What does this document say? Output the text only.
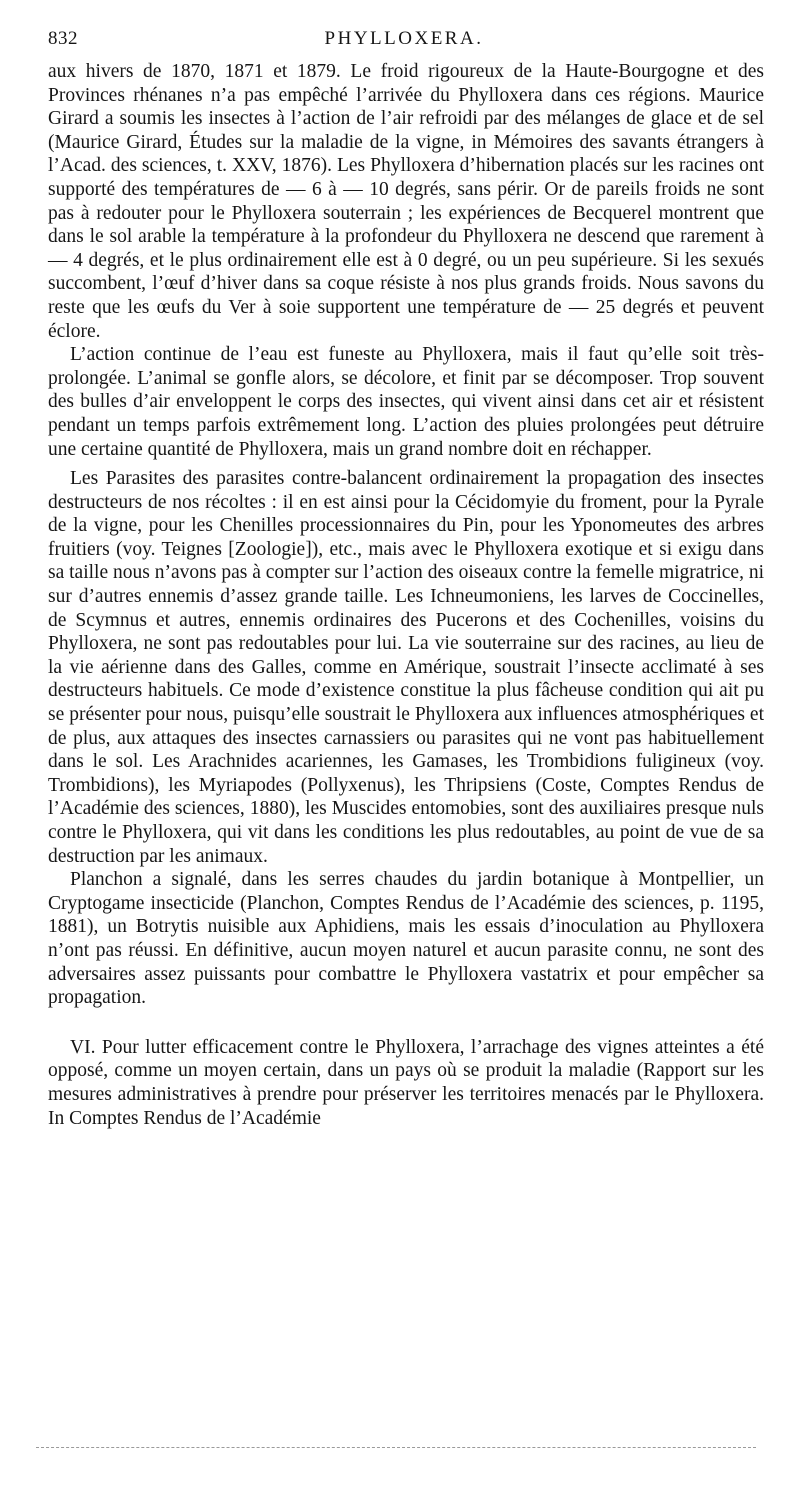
832	PHYLLOXERA.

aux hivers de 1870, 1871 et 1879. Le froid rigoureux de la Haute-Bourgogne et des Provinces rhénanes n’a pas empêché l’arrivée du Phylloxera dans ces régions. Maurice Girard a soumis les insectes à l’action de l’air refroidi par des mélanges de glace et de sel (Maurice Girard, Études sur la maladie de la vigne, in Mémoires des savants étrangers à l’Acad. des sciences, t. XXV, 1876). Les Phylloxera d’hibernation placés sur les racines ont supporté des températures de — 6 à — 10 degrés, sans périr. Or de pareils froids ne sont pas à redouter pour le Phylloxera souterrain ; les expériences de Becquerel montrent que dans le sol arable la température à la profondeur du Phylloxera ne descend que rarement à — 4 degrés, et le plus ordinairement elle est à 0 degré, ou un peu supérieure. Si les sexués succombent, l’œuf d’hiver dans sa coque résiste à nos plus grands froids. Nous savons du reste que les œufs du Ver à soie supportent une température de — 25 degrés et peuvent éclore.

L’action continue de l’eau est funeste au Phylloxera, mais il faut qu’elle soit très-prolongée. L’animal se gonfle alors, se décolore, et finit par se décomposer. Trop souvent des bulles d’air enveloppent le corps des insectes, qui vivent ainsi dans cet air et résistent pendant un temps parfois extrêmement long. L’action des pluies prolongées peut détruire une certaine quantité de Phylloxera, mais un grand nombre doit en réchapper.

Les Parasites des parasites contre-balancent ordinairement la propagation des insectes destructeurs de nos récoltes : il en est ainsi pour la Cécidomyie du froment, pour la Pyrale de la vigne, pour les Chenilles processionnaires du Pin, pour les Yponomeutes des arbres fruitiers (voy. Teignes [Zoologie]), etc., mais avec le Phylloxera exotique et si exigu dans sa taille nous n’avons pas à compter sur l’action des oiseaux contre la femelle migratrice, ni sur d’autres ennemis d’assez grande taille. Les Ichneumoniens, les larves de Coccinelles, de Scymnus et autres, ennemis ordinaires des Pucerons et des Cochenilles, voisins du Phylloxera, ne sont pas redoutables pour lui. La vie souterraine sur des racines, au lieu de la vie aérienne dans des Galles, comme en Amérique, soustrait l’insecte acclimaté à ses destructeurs habituels. Ce mode d’existence constitue la plus fâcheuse condition qui ait pu se présenter pour nous, puisqu’elle soustrait le Phylloxera aux influences atmosphériques et de plus, aux attaques des insectes carnassiers ou parasites qui ne vont pas habituellement dans le sol. Les Arachnides acariennes, les Gamases, les Trombidions fuligineux (voy. Trombidions), les Myriapodes (Pollyxenus), les Thripsiens (Coste, Comptes Rendus de l’Académie des sciences, 1880), les Muscides entomobies, sont des auxiliaires presque nuls contre le Phylloxera, qui vit dans les conditions les plus redoutables, au point de vue de sa destruction par les animaux.

Planchon a signalé, dans les serres chaudes du jardin botanique à Montpellier, un Cryptogame insecticide (Planchon, Comptes Rendus de l’Académie des sciences, p. 1195, 1881), un Botrytis nuisible aux Aphidiens, mais les essais d’inoculation au Phylloxera n’ont pas réussi. En définitive, aucun moyen naturel et aucun parasite connu, ne sont des adversaires assez puissants pour combattre le Phylloxera vastatrix et pour empêcher sa propagation.

VI. Pour lutter efficacement contre le Phylloxera, l’arrachage des vignes atteintes a été opposé, comme un moyen certain, dans un pays où se produit la maladie (Rapport sur les mesures administratives à prendre pour préserver les territoires menacés par le Phylloxera. In Comptes Rendus de l’Académie
